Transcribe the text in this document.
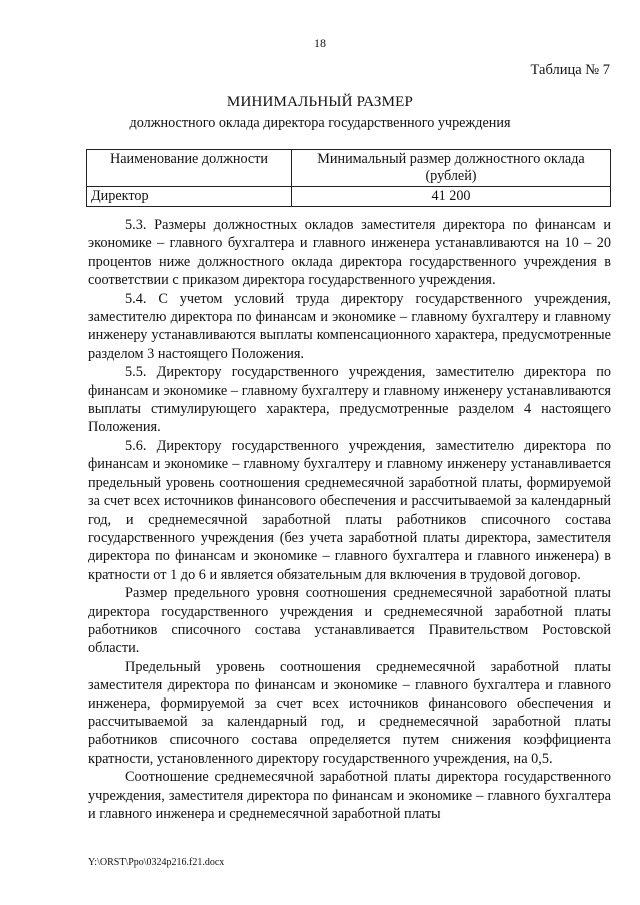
18
Таблица № 7
МИНИМАЛЬНЫЙ РАЗМЕР
должностного оклада директора государственного учреждения
Наименование должности	Минимальный размер должностного оклада (рублей)
Директор	41 200

5.3. Размеры должностных окладов заместителя директора по финансам и экономике – главного бухгалтера и главного инженера устанавливаются на 10 – 20 процентов ниже должностного оклада директора государственного учреждения в соответствии с приказом директора государственного учреждения.

5.4. С учетом условий труда директору государственного учреждения, заместителю директора по финансам и экономике – главному бухгалтеру и главному инженеру устанавливаются выплаты компенсационного характера, предусмотренные разделом 3 настоящего Положения.

5.5. Директору государственного учреждения, заместителю директора по финансам и экономике – главному бухгалтеру и главному инженеру устанавливаются выплаты стимулирующего характера, предусмотренные разделом 4 настоящего Положения.

5.6. Директору государственного учреждения, заместителю директора по финансам и экономике – главному бухгалтеру и главному инженеру устанавливается предельный уровень соотношения среднемесячной заработной платы, формируемой за счет всех источников финансового обеспечения и рассчитываемой за календарный год, и среднемесячной заработной платы работников списочного состава государственного учреждения (без учета заработной платы директора, заместителя директора по финансам и экономике – главного бухгалтера и главного инженера) в кратности от 1 до 6 и является обязательным для включения в трудовой договор.

Размер предельного уровня соотношения среднемесячной заработной платы директора государственного учреждения и среднемесячной заработной платы работников списочного состава устанавливается Правительством Ростовской области.

Предельный уровень соотношения среднемесячной заработной платы заместителя директора по финансам и экономике – главного бухгалтера и главного инженера, формируемой за счет всех источников финансового обеспечения и рассчитываемой за календарный год, и среднемесячной заработной платы работников списочного состава определяется путем снижения коэффициента кратности, установленного директору государственного учреждения, на 0,5.

Соотношение среднемесячной заработной платы директора государственного учреждения, заместителя директора по финансам и экономике – главного бухгалтера и главного инженера и среднемесячной заработной платы

Y:\ORST\Ppo\0324p216.f21.docx
